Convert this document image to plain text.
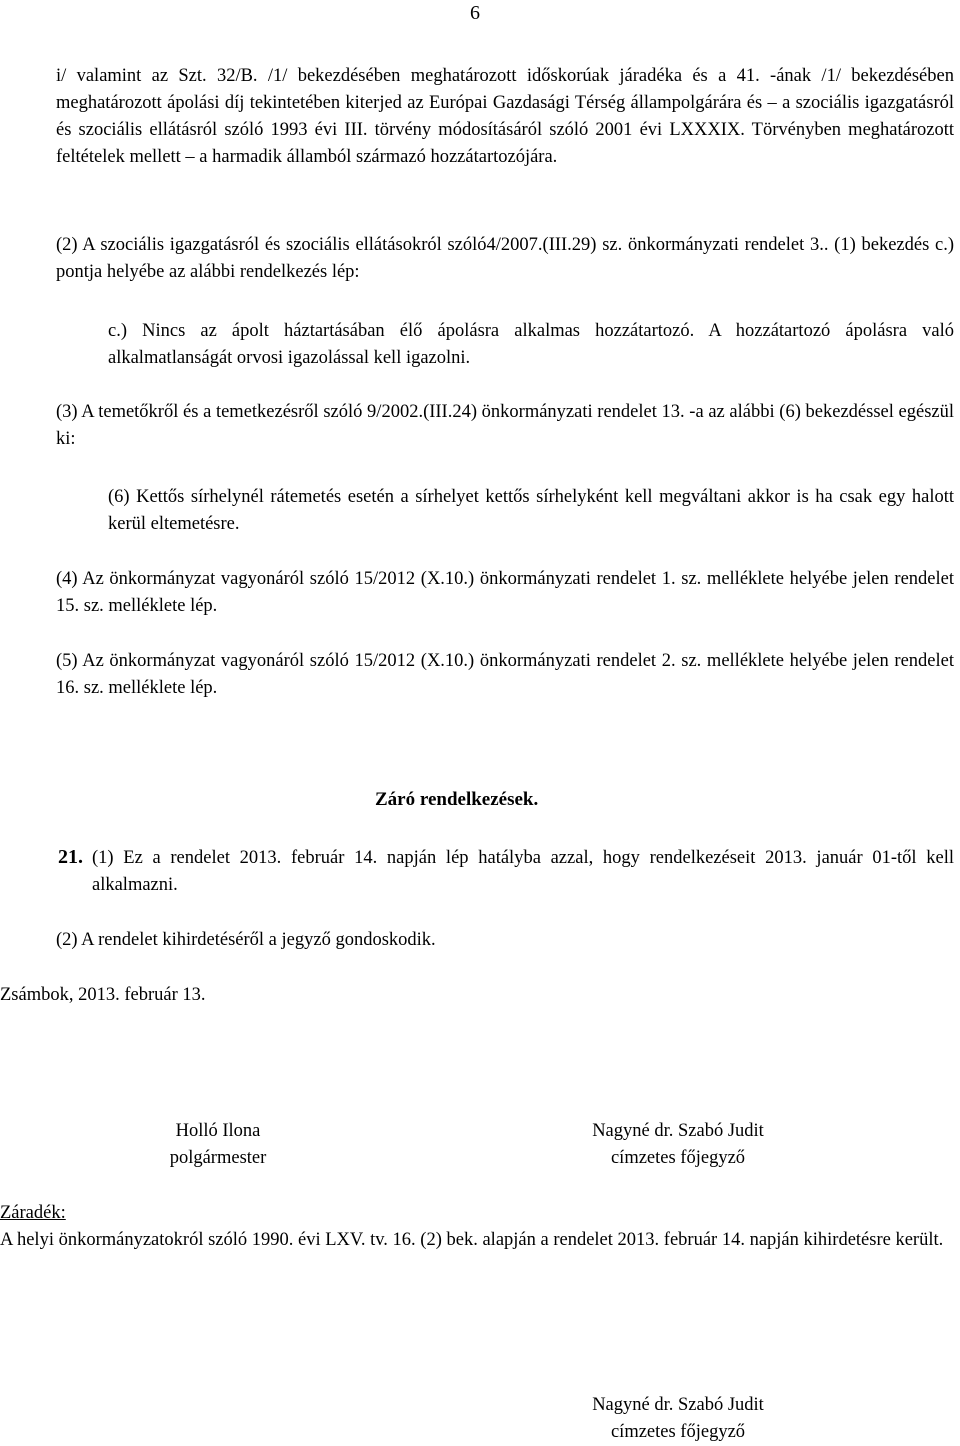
6
i/ valamint az Szt. 32/B. /1/ bekezdésében meghatározott időskorúak járadéka és a 41. -ának /1/ bekezdésében meghatározott ápolási díj tekintetében kiterjed az Európai Gazdasági Térség állampolgárára és – a szociális igazgatásról és szociális ellátásról szóló 1993 évi III. törvény módosításáról szóló 2001 évi LXXXIX. Törvényben meghatározott feltételek mellett – a harmadik államból származó hozzátartozójára.
(2) A szociális igazgatásról és szociális ellátásokról szóló4/2007.(III.29) sz. önkormányzati rendelet 3.. (1) bekezdés c.) pontja helyébe az alábbi rendelkezés lép:
c.) Nincs az ápolt háztartásában élő ápolásra alkalmas hozzátartozó. A hozzátartozó ápolásra való alkalmatlanságát orvosi igazolással kell igazolni.
(3) A temetőkről és a temetkezésről szóló 9/2002.(III.24) önkormányzati rendelet 13. -a az alábbi (6) bekezdéssel egészül ki:
(6) Kettős sírhelynél rátemetés esetén a sírhelyet kettős sírhelyként kell megváltani akkor is ha csak egy halott kerül eltemetésre.
(4) Az önkormányzat vagyonáról szóló 15/2012 (X.10.) önkormányzati rendelet 1. sz. melléklete helyébe jelen rendelet 15. sz. melléklete lép.
(5) Az önkormányzat vagyonáról szóló 15/2012 (X.10.) önkormányzati rendelet 2. sz. melléklete helyébe jelen rendelet 16. sz. melléklete lép.
Záró rendelkezések.
21. (1) Ez a rendelet 2013. február 14. napján lép hatályba azzal, hogy rendelkezéseit 2013. január 01-től kell alkalmazni.
(2) A rendelet kihirdetéséről a jegyző gondoskodik.
Zsámbok, 2013. február 13.
Holló Ilona
polgármester
Nagyné dr. Szabó Judit
címzetes főjegyző
Záradék:
A helyi önkormányzatokról szóló 1990. évi LXV. tv. 16. (2) bek. alapján a rendelet 2013. február 14. napján kihirdetésre került.
Nagyné dr. Szabó Judit
címzetes főjegyző
